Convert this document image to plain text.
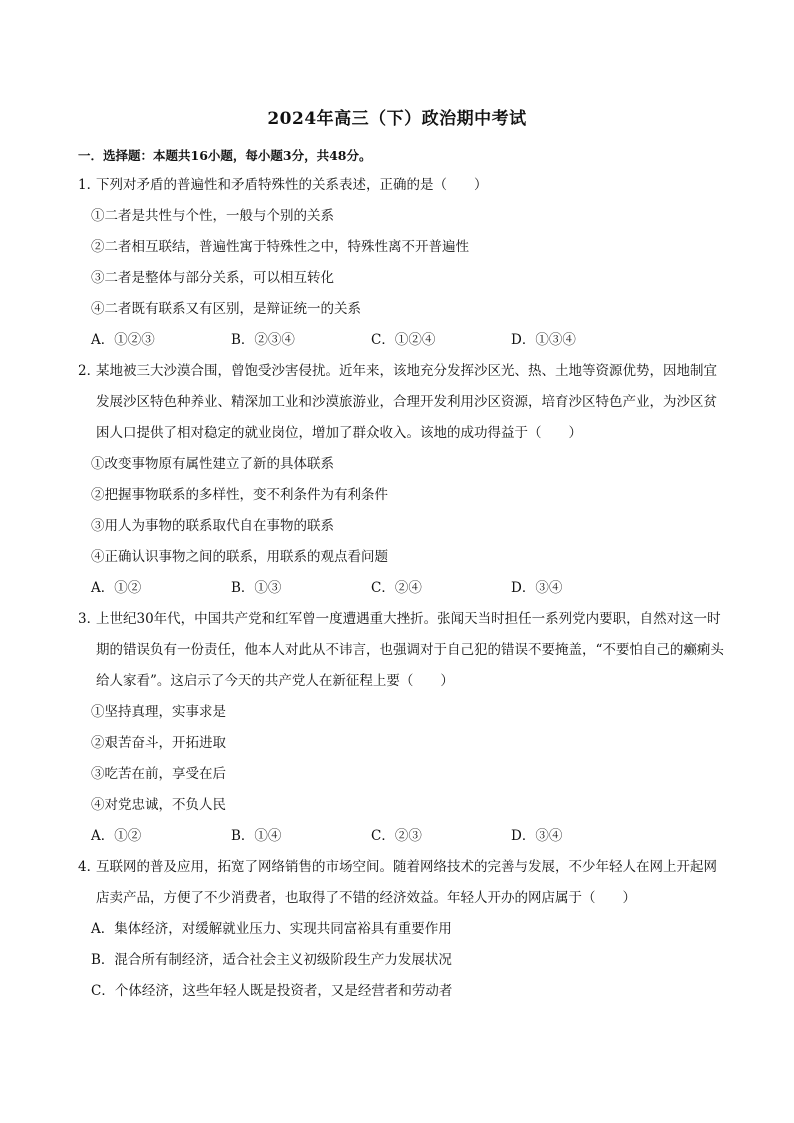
2024年高三（下）政治期中考试
一．选择题：本题共16小题，每小题3分，共48分。

1．下列对矛盾的普遍性和矛盾特殊性的关系表述，正确的是（　　）

①二者是共性与个性，一般与个别的关系

②二者相互联结，普遍性寓于特殊性之中，特殊性离不开普遍性

③二者是整体与部分关系，可以相互转化

④二者既有联系又有区别，是辩证统一的关系

A．①②③	B．②③④	C．①②④	D．①③④

2．某地被三大沙漠合围，曾饱受沙害侵扰。近年来，该地充分发挥沙区光、热、土地等资源优势，因地制宜发展沙区特色种养业、精深加工业和沙漠旅游业，合理开发利用沙区资源，培育沙区特色产业，为沙区贫困人口提供了相对稳定的就业岗位，增加了群众收入。该地的成功得益于（　　）

①改变事物原有属性建立了新的具体联系

②把握事物联系的多样性，变不利条件为有利条件

③用人为事物的联系取代自在事物的联系

④正确认识事物之间的联系，用联系的观点看问题

A．①②	B．①③	C．②④	D．③④

3．上世纪30年代，中国共产党和红军曾一度遭遇重大挫折。张闻天当时担任一系列党内要职，自然对这一时期的错误负有一份责任，他本人对此从不讳言，也强调对于自己犯的错误不要掩盖，“不要怕自己的癞痢头给人家看”。这启示了今天的共产党人在新征程上要（　　）

①坚持真理，实事求是

②艰苦奋斗，开拓进取

③吃苦在前，享受在后

④对党忠诚，不负人民

A．①②	B．①④	C．②③	D．③④

4．互联网的普及应用，拓宽了网络销售的市场空间。随着网络技术的完善与发展，不少年轻人在网上开起网店卖产品，方便了不少消费者，也取得了不错的经济效益。年轻人开办的网店属于（　　）

A．集体经济，对缓解就业压力、实现共同富裕具有重要作用

B．混合所有制经济，适合社会主义初级阶段生产力发展状况

C．个体经济，这些年轻人既是投资者，又是经营者和劳动者
